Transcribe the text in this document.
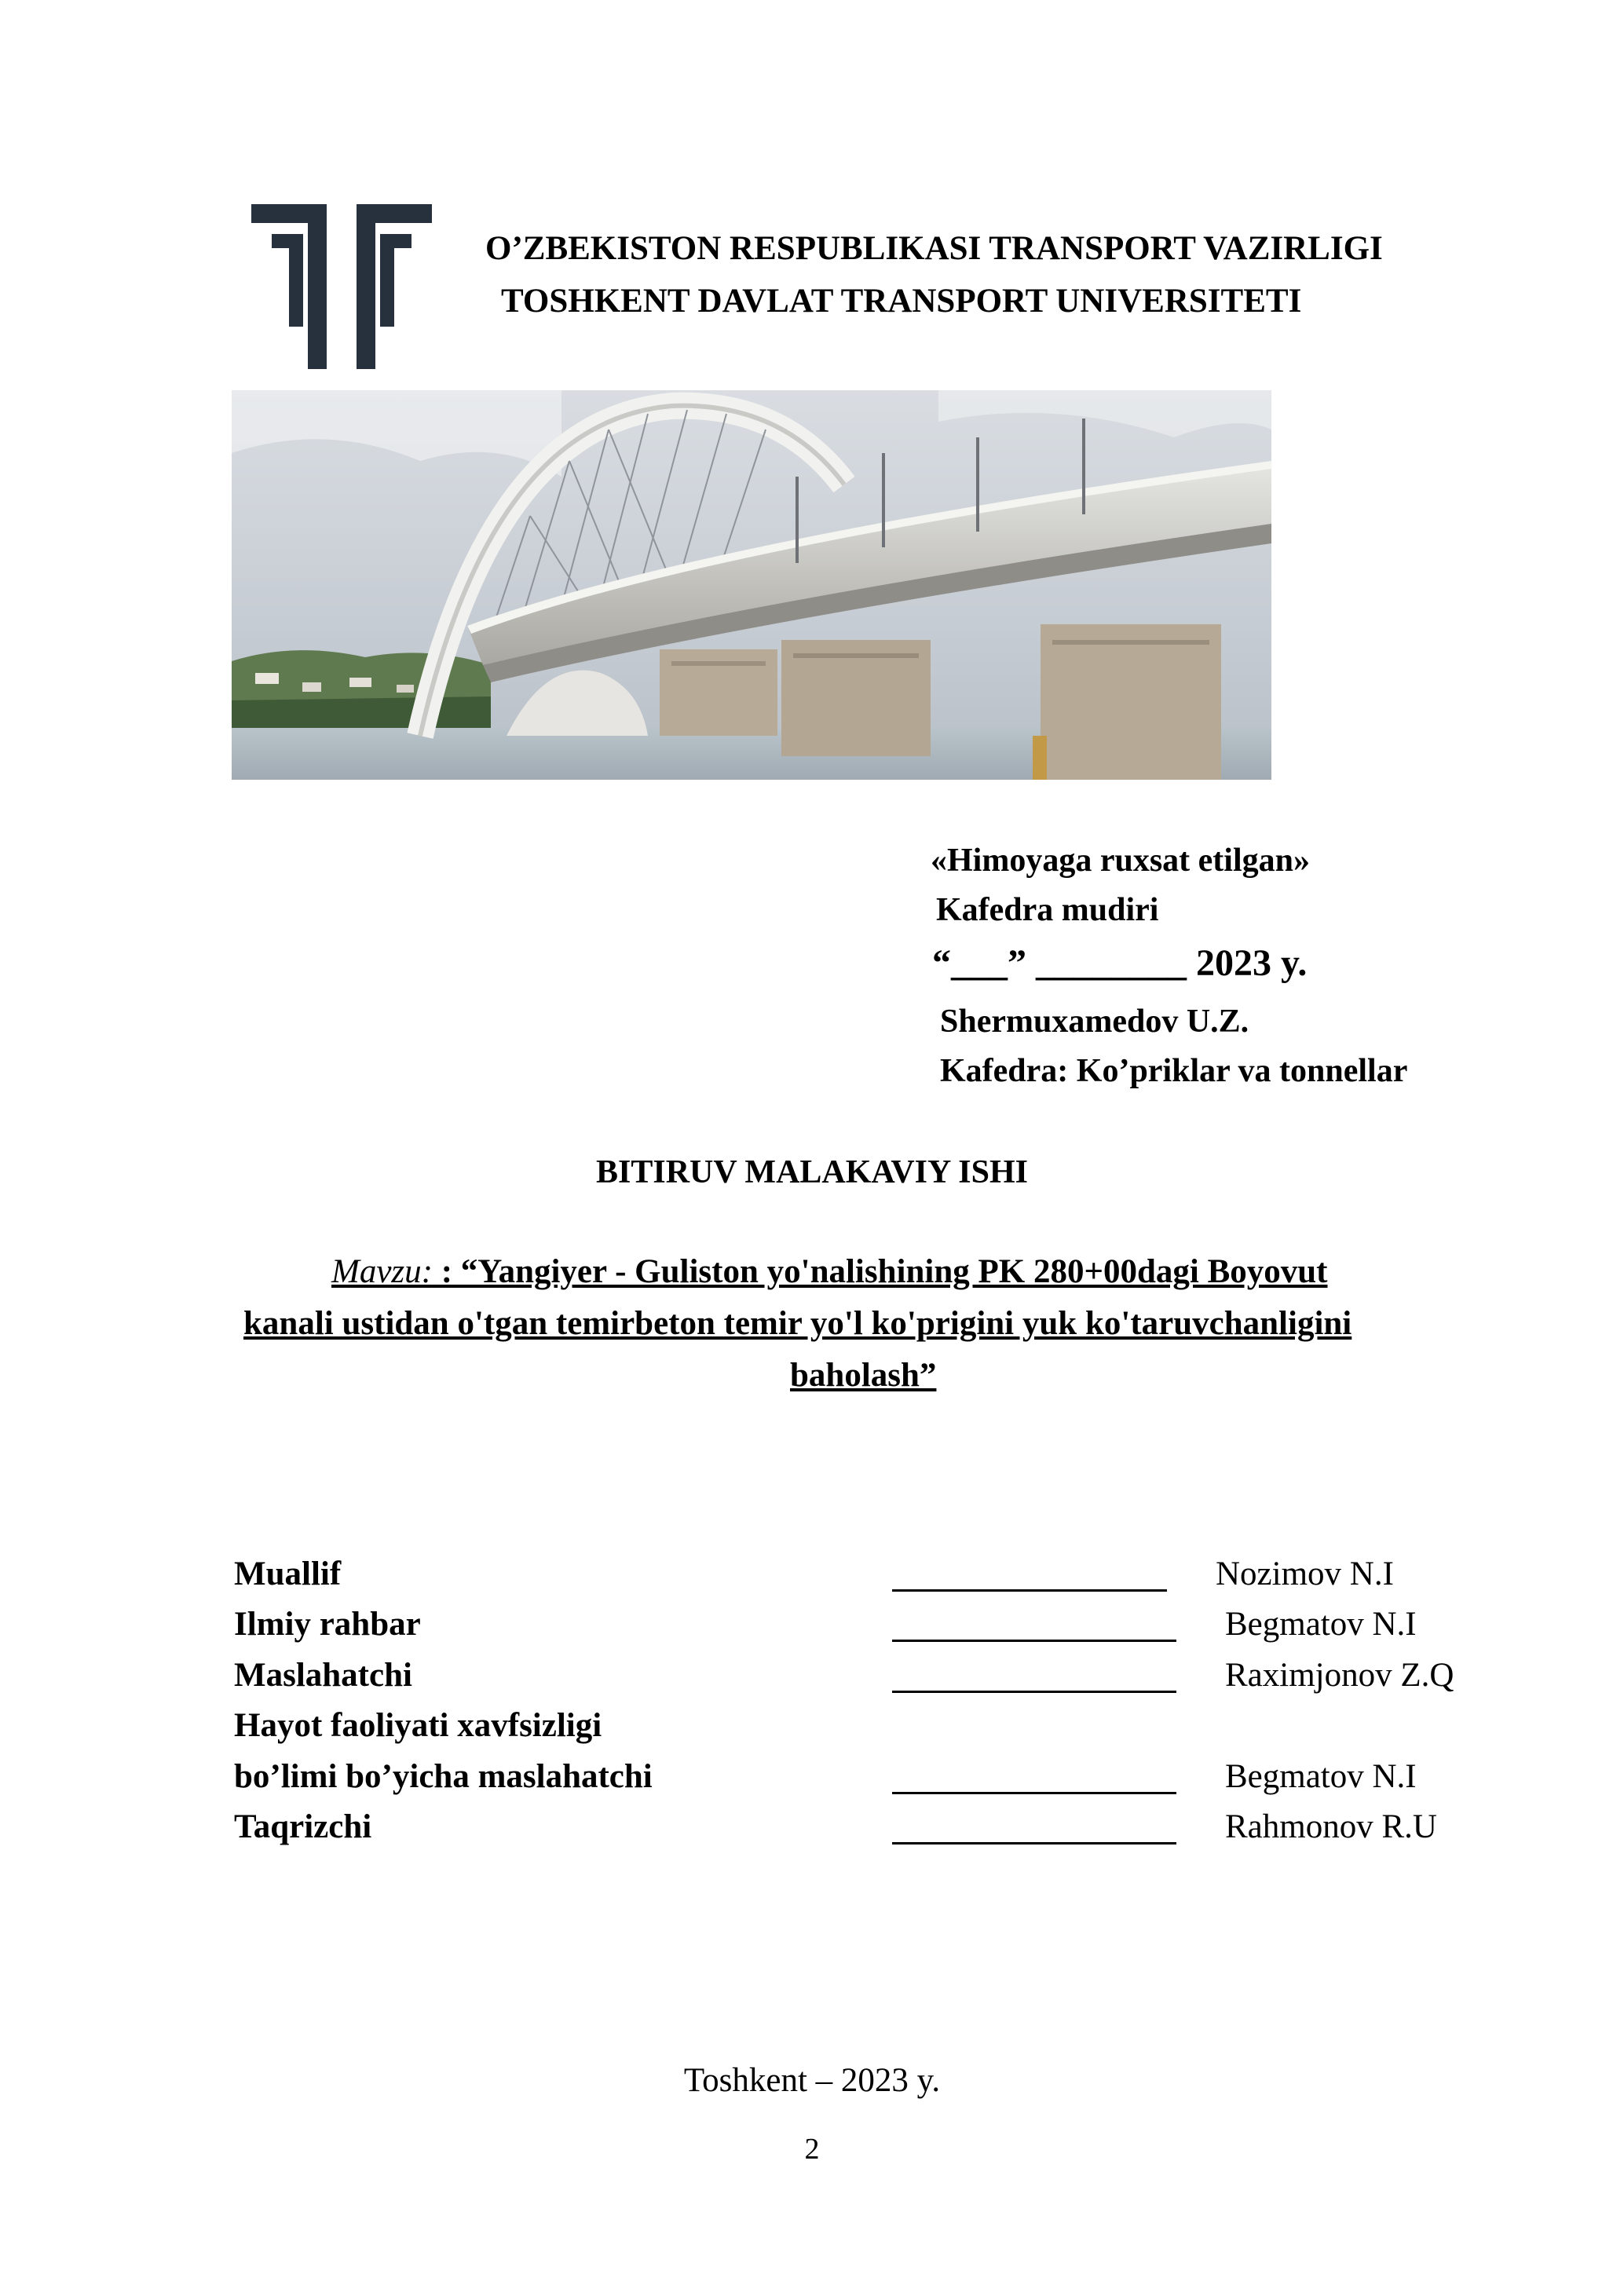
O’ZBEKISTON RESPUBLIKASI TRANSPORT VAZIRLIGI
TOSHKENT DAVLAT TRANSPORT UNIVERSITETI
«Himoyaga ruxsat etilgan»
Kafedra mudiri
“___” ________ 2023 y.
Shermuxamedov U.Z.
Kafedra: Ko’priklar va tonnellar
BITIRUV MALAKAVIY ISHI
Mavzu: : “Yangiyer - Guliston yo'nalishining PK 280+00dagi Boyovut
kanali ustidan o'tgan temirbeton temir yo'l ko'prigini yuk ko'taruvchanligini
baholash”
Muallif	Nozimov N.I
Ilmiy rahbar	Begmatov N.I
Maslahatchi	Raximjonov Z.Q
Hayot faoliyati xavfsizligi
bo’limi bo’yicha maslahatchi	Begmatov N.I
Taqrizchi	Rahmonov R.U
Toshkent – 2023 y.
2
